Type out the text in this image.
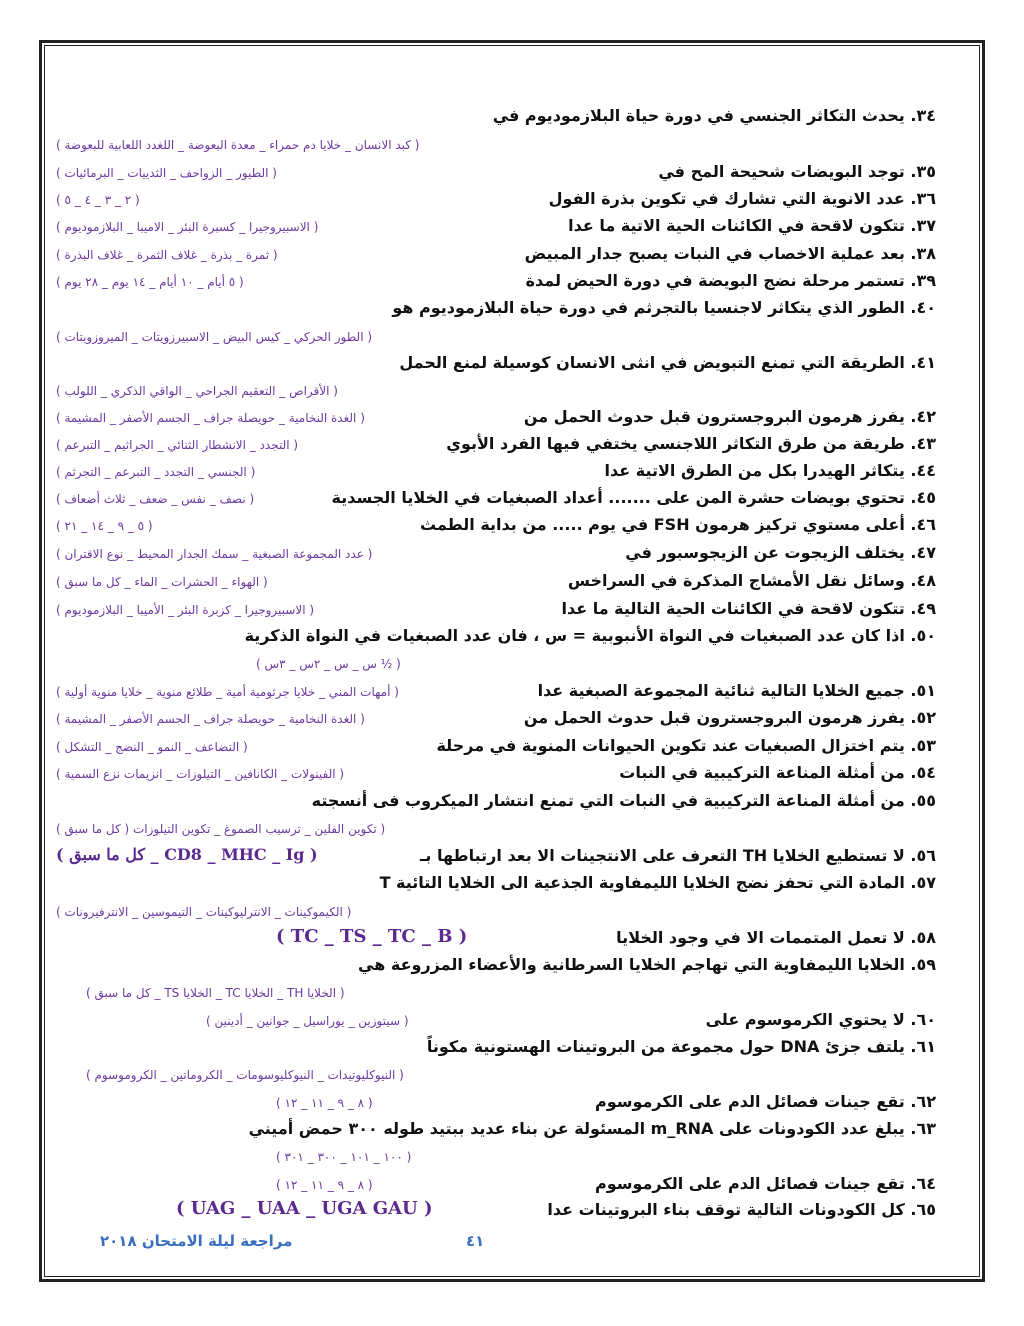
٣٤. يحدث التكاثر الجنسي في دورة حياة البلازموديوم في
( كبد الانسان _ خلايا دم حمراء _ معدة البعوضة _ اللغدد اللعابية للبعوضة )
٣٥. توجد البويضات شحيحة المح في
( الطيور _ الزواحف _ الثدييات _ البرمائيات )
٣٦. عدد الانوية التي تشارك في تكوين بذرة الفول
( ٢ _ ٣ _ ٤ _ ٥ )
٣٧. تتكون لاقحة في الكائنات الحية الاتية ما عدا
( الاسبيروجيرا _ كسبرة البئر _ الاميبا _ البلازموديوم )
٣٨. بعد عملية الاخصاب في النبات يصبح جدار المبيض
( ثمرة _ بذرة _ غلاف الثمرة _ غلاف البذرة )
٣٩. تستمر مرحلة نضج البويضة في دورة الحيض لمدة
( ٥ أيام _ ١٠ أيام _ ١٤ يوم _ ٢٨ يوم )
٤٠. الطور الذي يتكاثر لاجنسيا بالتجرثم في دورة حياة البلازموديوم هو
( الطور الحركي _ كيس البيض _ الاسبيرزويتات _ الميروزويتات )
٤١. الطريقة التي تمنع التبويض في انثى الانسان كوسيلة لمنع الحمل
( الأقراص _ التعقيم الجراحي _ الواقي الذكري _ اللولب )
٤٢. يفرز هرمون البروجسترون قبل حدوث الحمل من
( الغدة النخامية _ حويصلة جراف _ الجسم الأصفر _ المشيمة )
٤٣. طريقة من طرق التكاثر اللاجنسي يختفي فيها الفرد الأبوي
( التجدد _ الانشطار الثنائي _ الجراثيم _ التبرعم )
٤٤. يتكاثر الهيدرا بكل من الطرق الاتية عدا
( الجنسي _ التجدد _ التبرعم _ التجرثم )
٤٥. تحتوي بويضات حشرة المن على ....... أعداد الصبغيات في الخلايا الجسدية
( نصف _ نفس _ ضعف _ ثلاث أضعاف )
٤٦. أعلى مستوي تركيز هرمون FSH في يوم ..... من بداية الطمث
( ٥ _ ٩ _ ١٤ _ ٢١ )
٤٧. يختلف الزيجوت عن الزيجوسبور في
( عدد المجموعة الصبغية _ سمك الجدار المحيط _ نوع الاقتران )
٤٨. وسائل نقل الأمشاج المذكرة في السراخس
( الهواء _ الحشرات _ الماء _ كل ما سبق )
٤٩. تتكون لاقحة في الكائنات الحية التالية ما عدا
( الاسبيروجيرا _ كزبرة البئر _ الأميبا _ البلازموديوم )
٥٠. اذا كان عدد الصبغيات في النواة الأنبوبية = س ، فان عدد الصبغيات في النواة الذكرية
( ½ س _ س _ ٢س _ ٣س )
٥١. جميع الخلايا التالية ثنائية المجموعة الصبغية عدا
( أمهات المني _ خلايا جرثومية أمية _ طلائع منوية _ خلايا منوية أولية )
٥٢. يفرز هرمون البروجسترون قبل حدوث الحمل من
( الغدة النخامية _ حويصلة جراف _ الجسم الأصفر _ المشيمة )
٥٣. يتم اختزال الصبغيات عند تكوين الحيوانات المنوية في مرحلة
( التضاعف _ النمو _ النضج _ التشكل )
٥٤. من أمثلة المناعة التركيبية في النبات
( الفينولات _ الكانافين _ التيلوزات _ انزيمات نزع السمية )
٥٥. من أمثلة المناعة التركيبية في النبات التي تمنع انتشار الميكروب فى أنسجته
( تكوين الفلين _ ترسيب الصموغ _ تكوين التيلوزات ( كل ما سبق )
٥٦. لا تستطيع الخلايا TH التعرف على الانتجينات الا بعد ارتباطها بـ
( CD8 _ MHC _ Ig _ كل ما سبق )
٥٧. المادة التي تحفز نضج الخلايا الليمفاوية الجذعية الى الخلايا التائية T
( الكيموكينات _ الانترليوكينات _ التيموسين _ الانترفيرونات )
٥٨. لا تعمل المتممات الا في وجود الخلايا
( TC _ TS _ TC _ B )
٥٩. الخلايا الليمفاوية التي تهاجم الخلايا السرطانية والأعضاء المزروعة هي
( الخلايا TH _ الخلايا TC _ الخلايا TS _ كل ما سبق )
٦٠. لا يحتوي الكرموسوم على
( سيتوزين _ يوراسيل _ جوانين _ أدينين )
٦١. يلتف جزئ DNA حول مجموعة من البروتينات الهستونية مكوناً
( النيوكليوتيدات _ النيوكليوسومات _ الكروماتين _ الكروموسوم )
٦٢. تقع جينات فصائل الدم على الكرموسوم
( ٨ _ ٩ _ ١١ _ ١٢ )
٦٣. يبلغ عدد الكودونات على m_RNA المسئولة عن بناء عديد ببتيد طوله ٣٠٠ حمض أميني
( ١٠٠ _ ١٠١ _ ٣٠٠ _ ٣٠١ )
٦٤. تقع جينات فصائل الدم على الكرموسوم
( ٨ _ ٩ _ ١١ _ ١٢ )
٦٥. كل الكودونات التالية توقف بناء البروتينات عدا
( UAG _ UAA _ UGA GAU )
٤١
مراجعة ليلة الامتحان ٢٠١٨
